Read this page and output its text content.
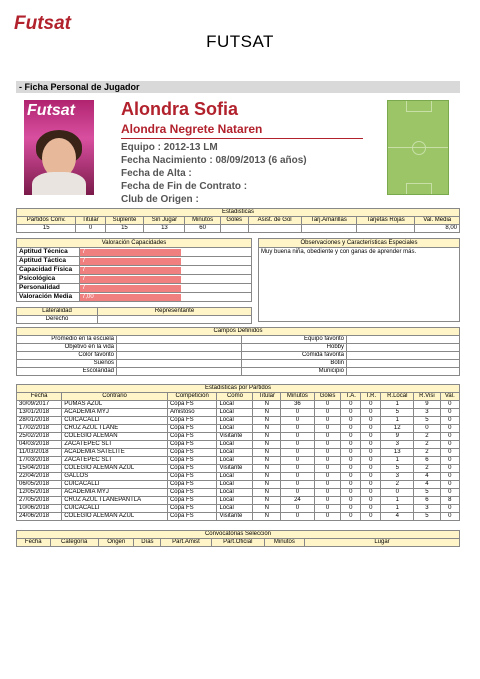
Futsat
FUTSAT
- Ficha Personal de Jugador
Futsat	Alondra Sofia
Alondra Negrete Nataren
Equipo : 2012-13 LM
Fecha Nacimiento : 08/09/2013 (6 años)
Fecha de Alta :
Fecha de Fin de Contrato :
Club de Origen :
Estadisticas									
Partidos Conv.	Titular	Suplente	Sin Jugar	Minutos	Goles	Asist. de Gol	Tarj.Amarillas	Tarjetas Rojas	Val. Media
15	0	15	13	60					8,00
Valoración Capacidades	
Aptitud Técnica	7

Aptitud Táctica	7

Capacidad Física	7

Psicológica	7

Personalidad	7

Valoración Media	7,00
Observaciones y Características Especiales
Muy buena niña, obediente y con ganas de aprender más.
Lateralidad	Representante
Derecho	
Campos Definidos			
Promedio en la escuela		Equipo favorito	
Objetivo en la vida		Hobby	
Color favorito		Comida favorita	
Sueños		Botin	
Escolaridad		Municipio	
Estadisticas por Partidos											
Fecha	Contrario	Competición	Como	Titular	Minutos	Goles	T.A.	T.R.	R.Local	R.Visi	Val.
30/09/2017	PUMAS AZUL	Copa FS	Local	N	36	0	0	0	1	9	0
13/01/2018	ACADEMIA MYJ	Amistoso	Local	N	0	0	0	0	5	3	0
28/01/2018	CUICACALLI	Copa FS	Local	N	0	0	0	0	1	5	0
17/02/2018	CRUZ AZUL TLANE	Copa FS	Local	N	0	0	0	0	12	0	0
25/02/2018	COLEGIO ALEMAN	Copa FS	Visitante	N	0	0	0	0	9	2	0
04/03/2018	ZACATEPEC SLT	Copa FS	Local	N	0	0	0	0	3	2	0
11/03/2018	ACADEMIA SATELITE	Copa FS	Local	N	0	0	0	0	13	2	0
17/03/2018	ZACATEPEC SLT	Copa FS	Local	N	0	0	0	0	1	6	0
15/04/2018	COLEGIO ALEMAN AZUL	Copa FS	Visitante	N	0	0	0	0	5	2	0
22/04/2018	GALLOS	Copa FS	Local	N	0	0	0	0	3	4	0
06/05/2018	CUICACALLI	Copa FS	Local	N	0	0	0	0	2	4	0
12/05/2018	ACADEMIA MYJ	Copa FS	Local	N	0	0	0	0	0	5	0
27/05/2018	CRUZ AZUL TLANEPANTLA	Copa FS	Local	N	24	0	0	0	1	6	8
10/06/2018	CUICACALLI	Copa FS	Local	N	0	0	0	0	1	3	0
24/06/2018	COLEGIO ALEMAN AZUL	Copa FS	Visitante	N	0	0	0	0	4	5	0
Convocatorias Selección
Fecha	Categoría	Origen	Días	Part.Amist	Part.Oficial	Minutos	Lugar
